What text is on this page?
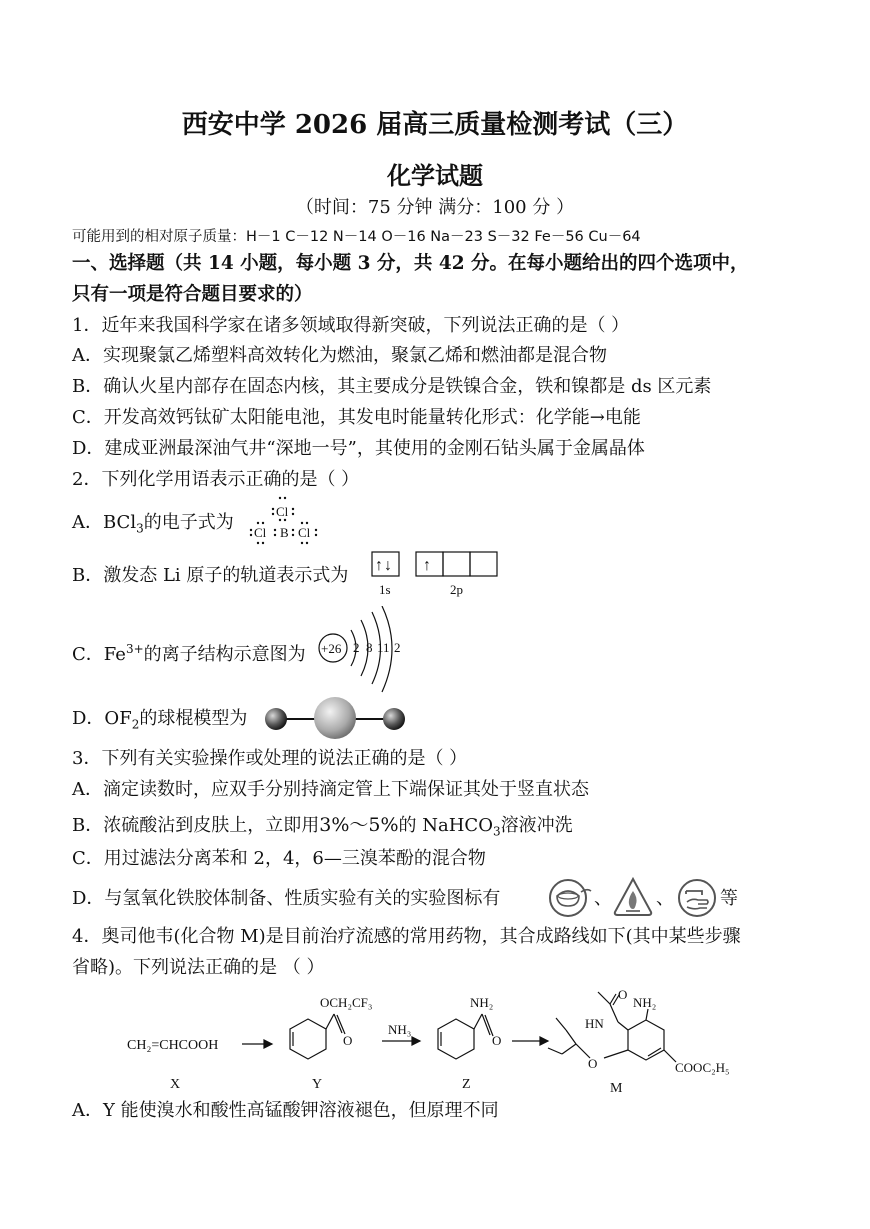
西安中学 2026 届高三质量检测考试（三）
化学试题
（时间：75 分钟 满分：100 分 ）
可能用到的相对原子质量：H－1 C－12 N－14 O－16 Na－23 S－32 Fe－56 Cu－64
一、选择题（共 14 小题，每小题 3 分，共 42 分。在每小题给出的四个选项中，
只有一项是符合题目要求的）
1．近年来我国科学家在诸多领域取得新突破，下列说法正确的是（ ）
A．实现聚氯乙烯塑料高效转化为燃油，聚氯乙烯和燃油都是混合物
B．确认火星内部存在固态内核，其主要成分是铁镍合金，铁和镍都是 ds 区元素
C．开发高效钙钛矿太阳能电池，其发电时能量转化形式：化学能→电能
D．建成亚洲最深油气井“深地一号”，其使用的金刚石钻头属于金属晶体
2．下列化学用语表示正确的是（ ）
A．BCl$_3$的电子式为
Cl
Cl B Cl
B．激发态 Li 原子的轨道表示式为 ↑ ↓ ↑
1s	2p
C．$Fe^{3+}$的离子结构示意图为 +26 2 8 11 2
D．$OF_2$的球棍模型为
3．下列有关实验操作或处理的说法正确的是（ ）
A．滴定读数时，应双手分别持滴定管上下端保证其处于竖直状态
B．浓硫酸沾到皮肤上，立即用3%～5%的 NaHCO$_3$溶液冲洗
C．用过滤法分离苯和 2，4，6—三溴苯酚的混合物
D．与氢氧化铁胶体制备、性质实验有关的实验图标有	、 、	等
4．奥司他韦(化合物 M)是目前治疗流感的常用药物，其合成路线如下(其中某些步骤
省略)。下列说法正确的是 （ ）
CH₂=CHCOOH
X
OCH₂CF₃
O
Y
NH₃
NH₂
O
Z
O
NH₂
HN
O	COOC₂H₅
M
A．Y 能使溴水和酸性高锰酸钾溶液褪色，但原理不同
